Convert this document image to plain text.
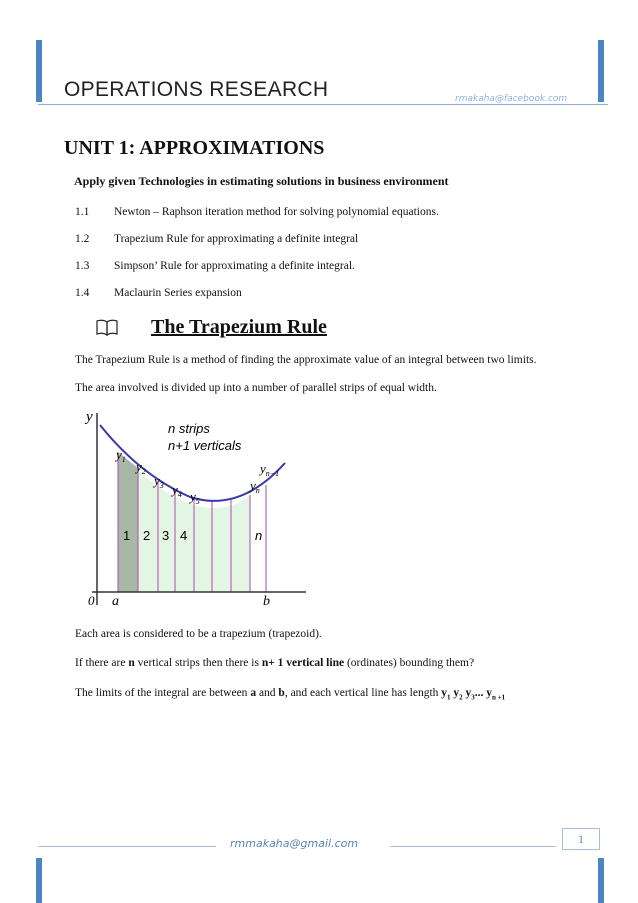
OPERATIONS RESEARCH	rmakaha@facebook.com
UNIT 1: APPROXIMATIONS
Apply given Technologies in estimating solutions in business environment
1.1 Newton – Raphson iteration method for solving polynomial equations.
1.2 Trapezium Rule for approximating a definite integral
1.3 Simpson’ Rule for approximating a definite integral.
1.4 Maclaurin Series expansion
The Trapezium Rule
The Trapezium Rule is a method of finding the approximate value of an integral between two limits.
The area involved is divided up into a number of parallel strips of equal width.
y
0 a	b
n strips
n+1 verticals
$y_1$ $y_2$
$y_3$ $y_4$ $y_5$
$y_n$
$y_{n-1}$
1 2 3 4	n
Each area is considered to be a trapezium (trapezoid).
If there are n vertical strips then there is n+ 1 vertical line (ordinates) bounding them?
The limits of the integral are between a and b, and each vertical line has length $y_1$ $y_2$ $y_3$... $y_{n +1}$
rmmakaha@gmail.com	1
